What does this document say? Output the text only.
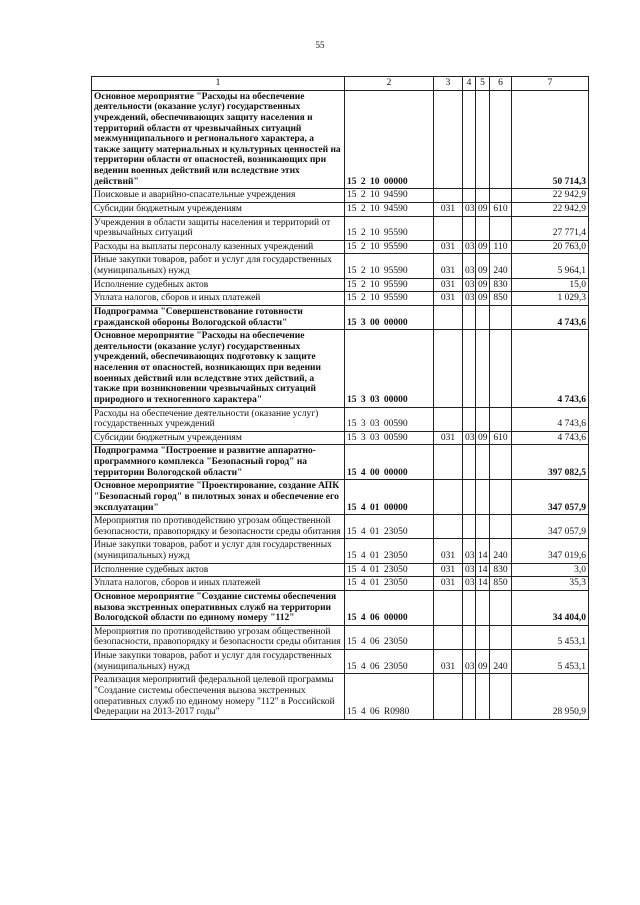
55
1	2	3	4	5	6	7
Основное мероприятие "Расходы на обеспечение деятельности (оказание услуг) государственных учреждений, обеспечивающих защиту населения и территорий области от чрезвычайных ситуаций межмуниципального и регионального характера, а также защиту материальных и культурных ценностей на территории области от опасностей, возникающих при ведении военных действий или вследствие этих действий"	15 2 10 00000					50 714,3
Поисковые и аварийно-спасательные учреждения	15 2 10 94590					22 942,9
Субсидии бюджетным учреждениям	15 2 10 94590	031	03	09	610	22 942,9
Учреждения в области защиты населения и территорий от чрезвычайных ситуаций	15 2 10 95590					27 771,4
Расходы на выплаты персоналу казенных учреждений	15 2 10 95590	031	03	09	110	20 763,0
Иные закупки товаров, работ и услуг для государственных (муниципальных) нужд	15 2 10 95590	031	03	09	240	5 964,1
Исполнение судебных актов	15 2 10 95590	031	03	09	830	15,0
Уплата налогов, сборов и иных платежей	15 2 10 95590	031	03	09	850	1 029,3
Подпрограмма "Совершенствование готовности гражданской обороны Вологодской области"	15 3 00 00000					4 743,6
Основное мероприятие "Расходы на обеспечение деятельности (оказание услуг) государственных учреждений, обеспечивающих подготовку к защите населения от опасностей, возникающих при ведении военных действий или вследствие этих действий, а также при возникновении чрезвычайных ситуаций природного и техногенного характера"	15 3 03 00000					4 743,6
Расходы на обеспечение деятельности (оказание услуг) государственных учреждений	15 3 03 00590					4 743,6
Субсидии бюджетным учреждениям	15 3 03 00590	031	03	09	610	4 743,6
Подпрограмма "Построение и развитие аппаратно-программного комплекса "Безопасный город" на территории Вологодской области"	15 4 00 00000					397 082,5
Основное мероприятие "Проектирование, создание АПК "Безопасный город" в пилотных зонах и обеспечение его эксплуатации"	15 4 01 00000					347 057,9
Мероприятия по противодействию угрозам общественной безопасности, правопорядку и безопасности среды обитания	15 4 01 23050					347 057,9
Иные закупки товаров, работ и услуг для государственных (муниципальных) нужд	15 4 01 23050	031	03	14	240	347 019,6
Исполнение судебных актов	15 4 01 23050	031	03	14	830	3,0
Уплата налогов, сборов и иных платежей	15 4 01 23050	031	03	14	850	35,3
Основное мероприятие "Создание системы обеспечения вызова экстренных оперативных служб на территории Вологодской области по единому номеру "112"	15 4 06 00000					34 404,0
Мероприятия по противодействию угрозам общественной безопасности, правопорядку и безопасности среды обитания	15 4 06 23050					5 453,1
Иные закупки товаров, работ и услуг для государственных (муниципальных) нужд	15 4 06 23050	031	03	09	240	5 453,1
Реализация мероприятий федеральной целевой программы "Создание системы обеспечения вызова экстренных оперативных служб по единому номеру "112" в Российской Федерации на 2013-2017 годы"	15 4 06 R0980					28 950,9
